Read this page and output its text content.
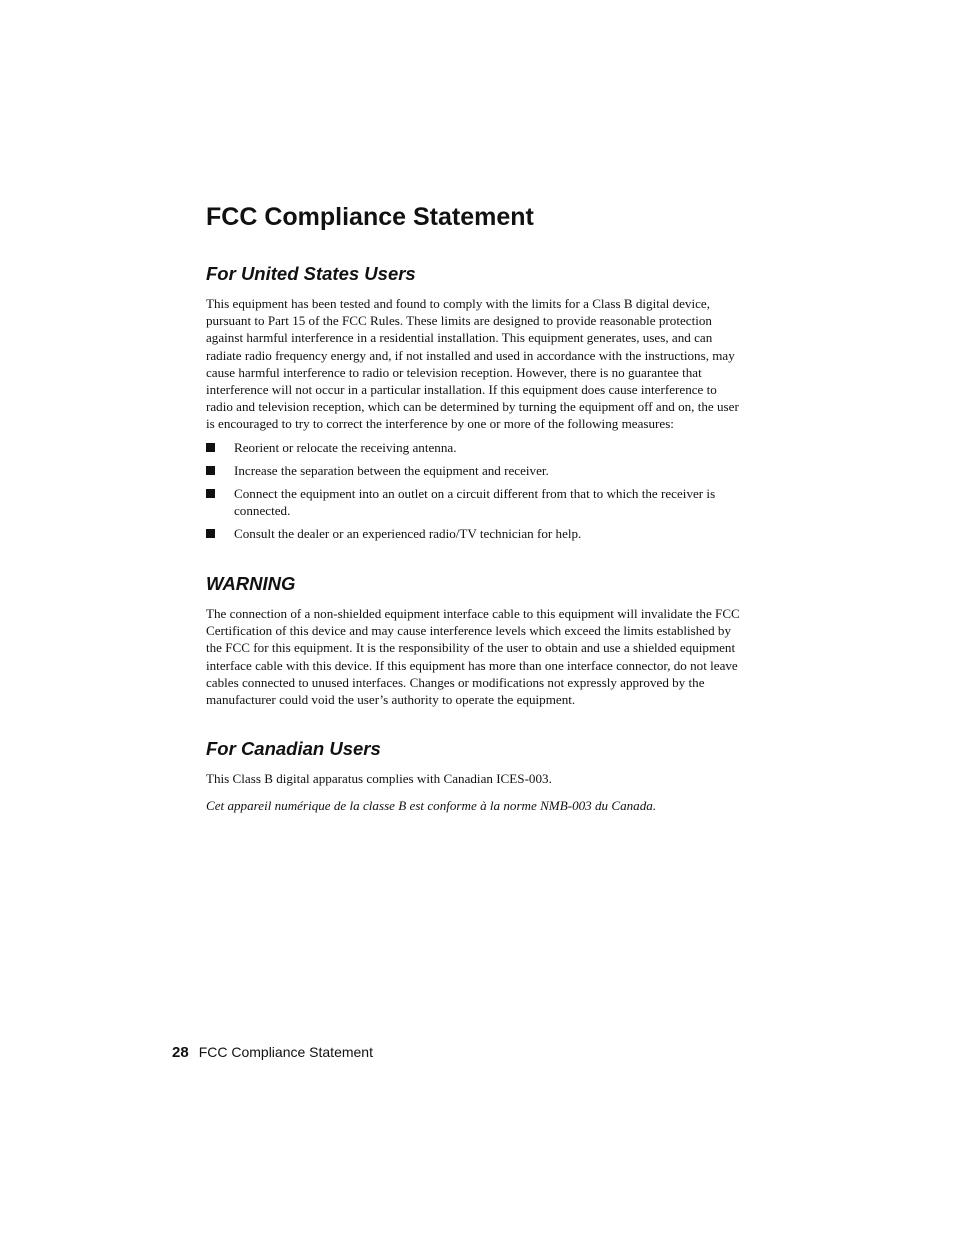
FCC Compliance Statement
For United States Users

This equipment has been tested and found to comply with the limits for a Class B digital device, pursuant to Part 15 of the FCC Rules. These limits are designed to provide reasonable protection against harmful interference in a residential installation. This equipment generates, uses, and can radiate radio frequency energy and, if not installed and used in accordance with the instructions, may cause harmful interference to radio or television reception. However, there is no guarantee that interference will not occur in a particular installation. If this equipment does cause interference to radio and television reception, which can be determined by turning the equipment off and on, the user is encouraged to try to correct the interference by one or more of the following measures:

Reorient or relocate the receiving antenna.
Increase the separation between the equipment and receiver.
Connect the equipment into an outlet on a circuit different from that to which the receiver is connected.
Consult the dealer or an experienced radio/TV technician for help.
WARNING

The connection of a non-shielded equipment interface cable to this equipment will invalidate the FCC Certification of this device and may cause interference levels which exceed the limits established by the FCC for this equipment. It is the responsibility of the user to obtain and use a shielded equipment interface cable with this device. If this equipment has more than one interface connector, do not leave cables connected to unused interfaces. Changes or modifications not expressly approved by the manufacturer could void the user’s authority to operate the equipment.

For Canadian Users

This Class B digital apparatus complies with Canadian ICES-003.

Cet appareil numérique de la classe B est conforme à la norme NMB-003 du Canada.

28 FCC Compliance Statement
